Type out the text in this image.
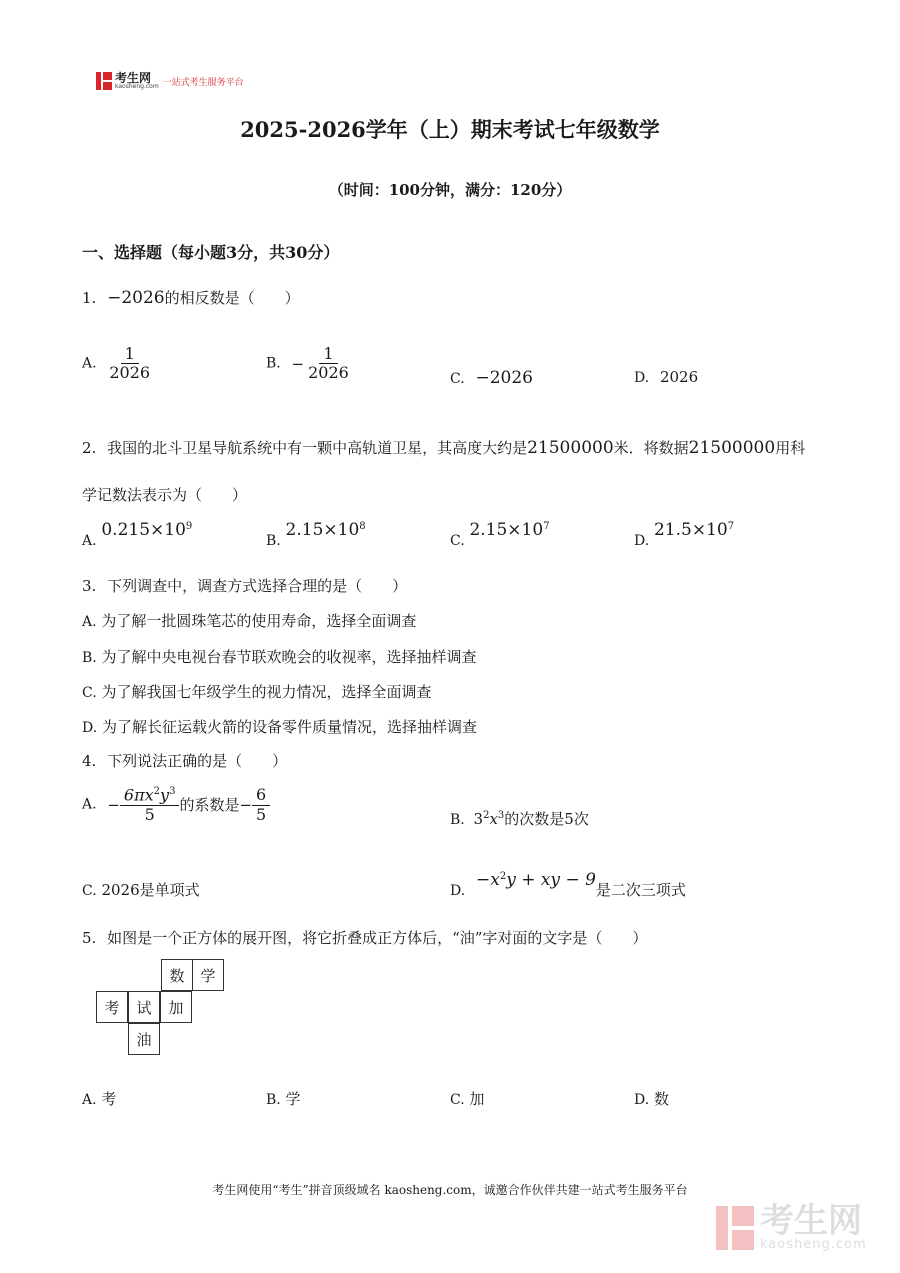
考生网
kaosheng.com 一站式考生服务平台
2025-2026学年（上）期末考试七年级数学
（时间：100分钟，满分：120分）
一、选择题（每小题3分，共30分）
1. −2026的相反数是（　　）
A. $\frac{1}{2026}$	B. − $\frac{1}{2026}$	C. −2026	D. 2026
2. 我国的北斗卫星导航系统中有一颗中高轨道卫星，其高度大约是21500000米．将数据21500000用科
学记数法表示为（　　）
A. $0.215\times 10^9$
B. $2.15\times 10^8$
C. $2.15\times 10^7$
D. $21.5\times 10^7$
3. 下列调查中，调查方式选择合理的是（　　）
A. 为了解一批圆珠笔芯的使用寿命，选择全面调查
B. 为了解中央电视台春节联欢晚会的收视率，选择抽样调查
C. 为了解我国七年级学生的视力情况，选择全面调查
D. 为了解长征运载火箭的设备零件质量情况，选择抽样调查
4. 下列说法正确的是（　　）
A. − $\frac{6\pi x^2y^3}{5}$ 的系数是− $\frac{6}{5}$	B. $3^2x^3$的次数是5次
C. 2026是单项式	D. $-x^2y$ + xy − 9是二次三项式
5. 如图是一个正方体的展开图，将它折叠成正方体后，“油”字对面的文字是（　　）
数	学
考	试	加
油
A. 考	B. 学	C. 加	D. 数
考生网使用“考生”拼音顶级域名 kaosheng.com，诚邀合作伙伴共建一站式考生服务平台
考生网
kaosheng.com
